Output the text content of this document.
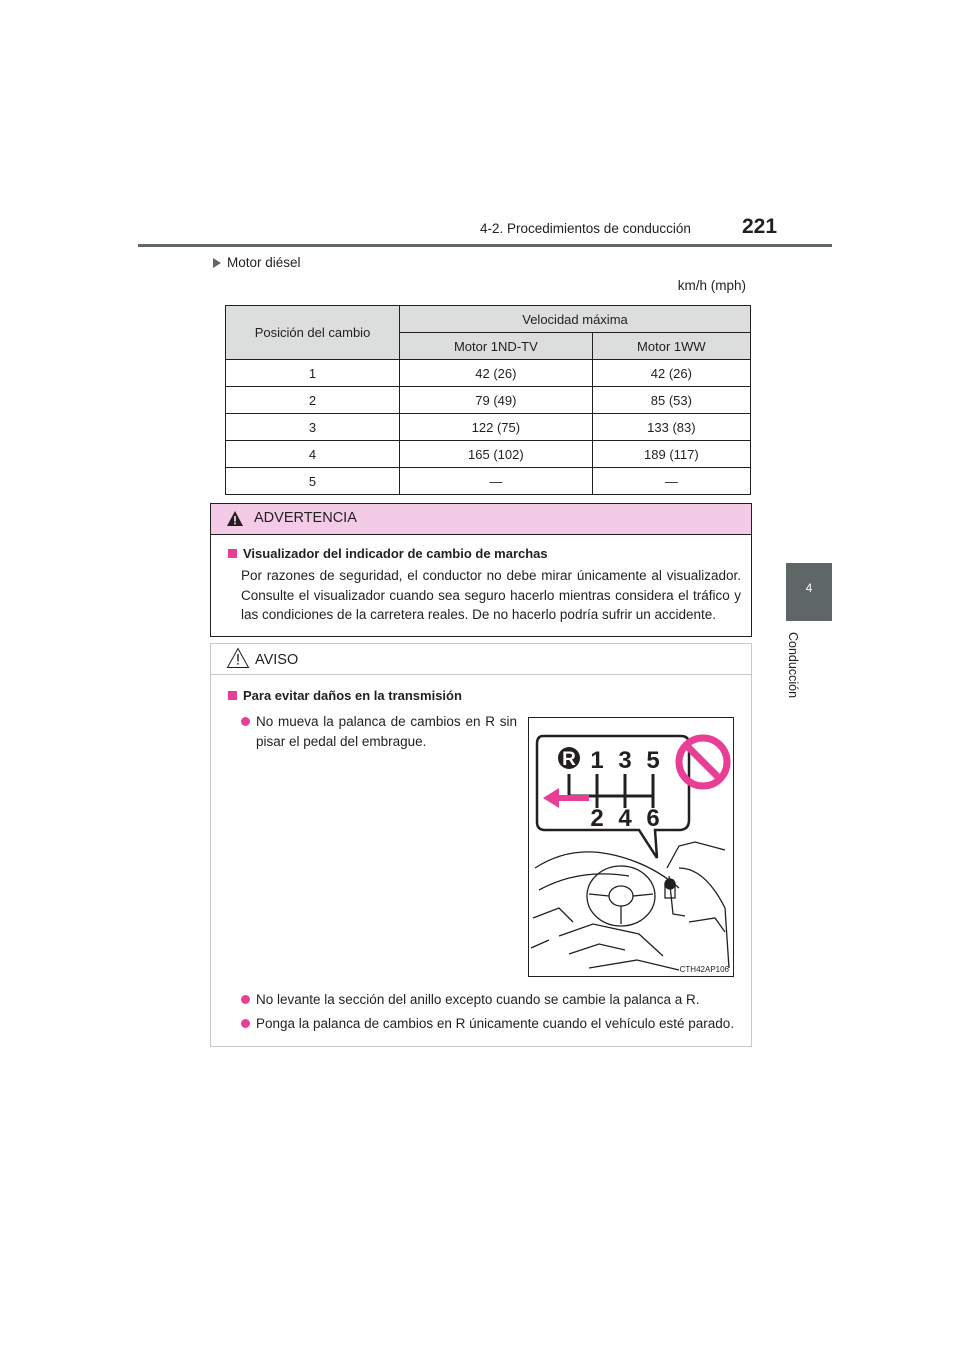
4-2. Procedimientos de conducción 221
4
Conducción
Motor diésel
km/h (mph)
Posición del cambio	Velocidad máxima	
	Motor 1ND-TV	Motor 1WW
1	42 (26)	42 (26)
2	79 (49)	85 (53)
3	122 (75)	133 (83)
4	165 (102)	189 (117)
5	—	—
ADVERTENCIA
Visualizador del indicador de cambio de marchas
Por razones de seguridad, el conductor no debe mirar únicamente al visualizador. Consulte el visualizador cuando sea seguro hacerlo mientras considera el tráfico y las condiciones de la carretera reales. De no hacerlo podría sufrir un accidente.
AVISO
Para evitar daños en la transmisión
No mueva la palanca de cambios en R sin pisar el pedal del embrague.
No levante la sección del anillo excepto cuando se cambie la palanca a R.
Ponga la palanca de cambios en R únicamente cuando el vehículo esté parado.
R 1 3 5
2 4 6
CTH42AP106
